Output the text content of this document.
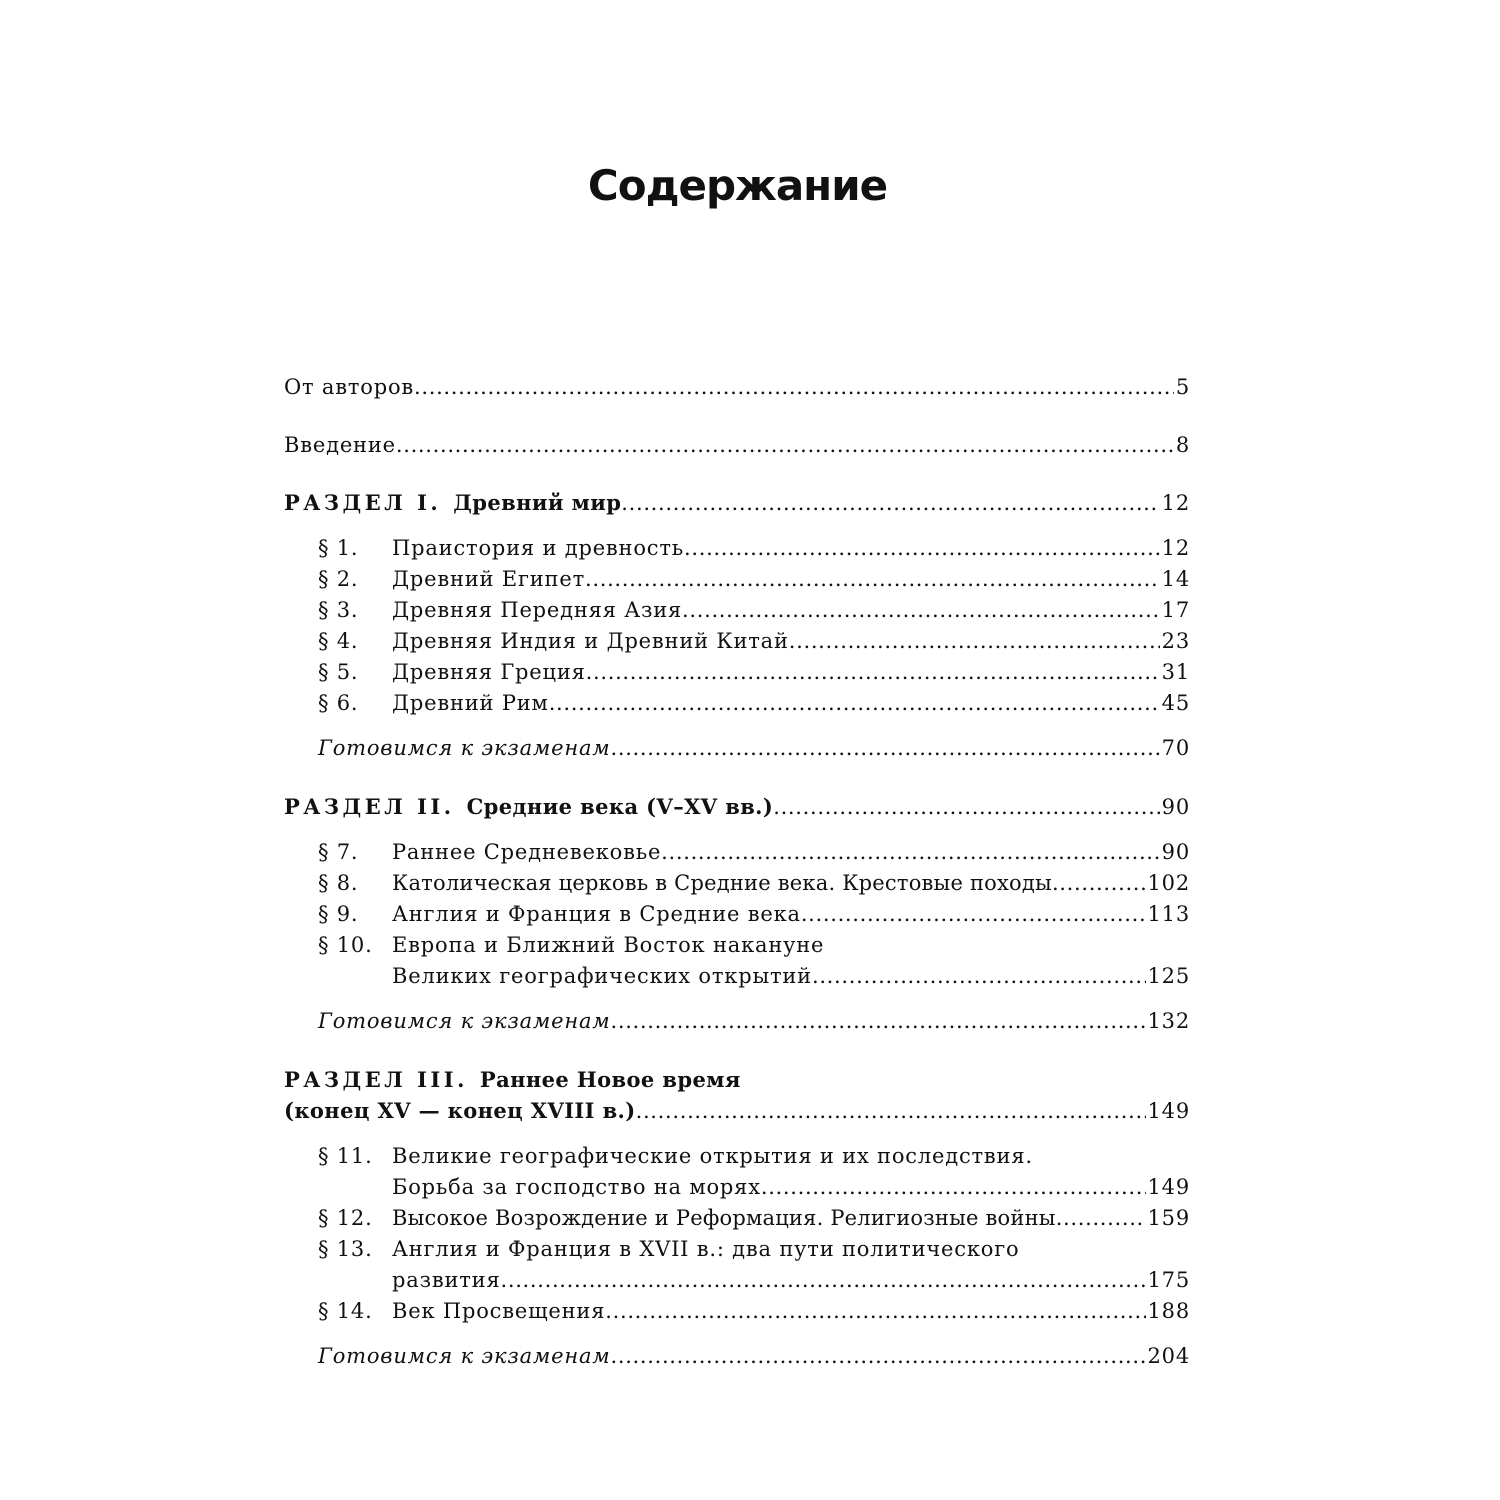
Содержание
От авторов . . .	5
Введение . . .	8
РАЗДЕЛ I. Древний мир . . .	12
§ 1.	Праистория и древность . . .	12
§ 2.	Древний Египет . . .	14
§ 3.	Древняя Передняя Азия . . .	17
§ 4.	Древняя Индия и Древний Китай . . .	23
§ 5.	Древняя Греция . . .	31
§ 6.	Древний Рим . . .	45
Готовимся к экзаменам . . .	70
РАЗДЕЛ II. Средние века (V–XV вв.) . . .	90
§ 7.	Раннее Средневековье . . .	90
§ 8.	Католическая церковь в Средние века. Крестовые походы . . .	102
§ 9.	Англия и Франция в Средние века . . .	113
§ 10. Европа и Ближний Восток накануне
Великих географических открытий . . .	125
Готовимся к экзаменам . . .	132
РАЗДЕЛ III. Раннее Новое время
(конец XV — конец XVIII в.) . . .	149
§ 11. Великие географические открытия и их последствия.
Борьба за господство на морях . . .	149
§ 12. Высокое Возрождение и Реформация. Религиозные войны . . .	159
§ 13. Англия и Франция в XVII в.: два пути политического
развития . . .	175
§ 14. Век Просвещения . . .	188
Готовимся к экзаменам . . .	204
